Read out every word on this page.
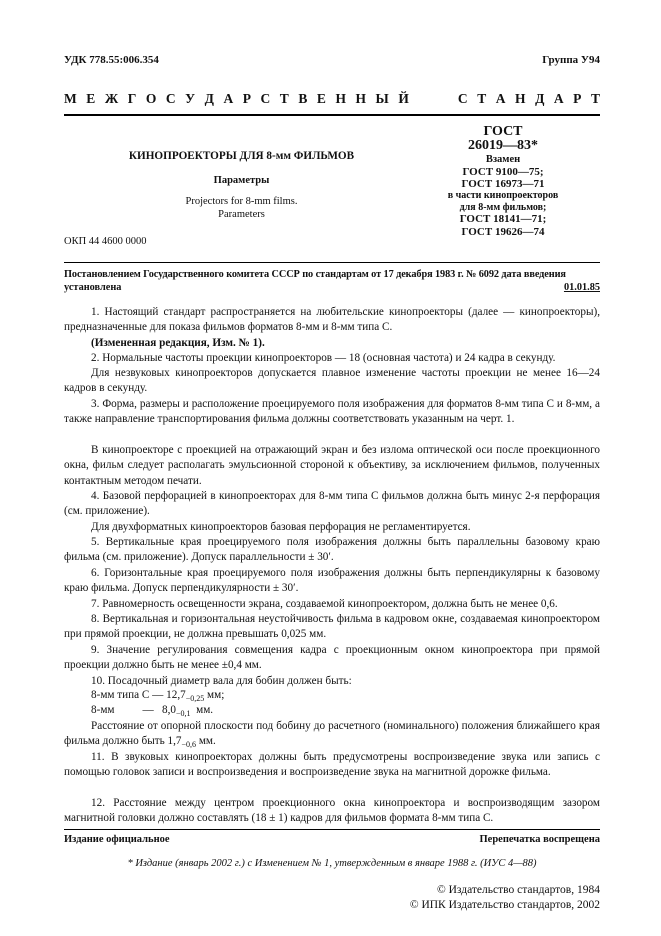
УДК 778.55:006.354	Группа У94
М Е Ж Г О С У Д А Р С Т В Е Н Н Ы Й	С Т А Н Д А Р Т
КИНОПРОЕКТОРЫ ДЛЯ 8-мм ФИЛЬМОВ
Параметры
Projectors for 8-mm films.
Parameters
ОКП 44 4600 0000
ГОСТ
26019—83*
Взамен
ГОСТ 9100—75;
ГОСТ 16973—71
в части кинопроекторов
для 8-мм фильмов;
ГОСТ 18141—71;
ГОСТ 19626—74
Постановлением Государственного комитета СССР по стандартам от 17 декабря 1983 г. № 6092 дата введения
установлена	01.01.85
1. Настоящий стандарт распространяется на любительские кинопроекторы (далее — кинопроекторы), предназначенные для показа фильмов форматов 8-мм и 8-мм типа С.
(Измененная редакция, Изм. № 1).
2. Нормальные частоты проекции кинопроекторов — 18 (основная частота) и 24 кадра в секунду.
Для незвуковых кинопроекторов допускается плавное изменение частоты проекции не менее 16—24 кадров в секунду.
3. Форма, размеры и расположение проецируемого поля изображения для форматов 8-мм типа С и 8-мм, а также направление транспортирования фильма должны соответствовать указанным на черт. 1.
В кинопроекторе с проекцией на отражающий экран и без излома оптической оси после проекционного окна, фильм следует располагать эмульсионной стороной к объективу, за исключением фильмов, полученных контактным методом печати.
4. Базовой перфорацией в кинопроекторах для 8-мм типа С фильмов должна быть минус 2-я перфорация (см. приложение).
Для двухформатных кинопроекторов базовая перфорация не регламентируется.
5. Вертикальные края проецируемого поля изображения должны быть параллельны базовому краю фильма (см. приложение). Допуск параллельности ± 30′.
6. Горизонтальные края проецируемого поля изображения должны быть перпендикулярны к базовому краю фильма. Допуск перпендикулярности ± 30′.
7. Равномерность освещенности экрана, создаваемой кинопроектором, должна быть не менее 0,6.
8. Вертикальная и горизонтальная неустойчивость фильма в кадровом окне, создаваемая кинопроектором при прямой проекции, не должна превышать 0,025 мм.
9. Значение регулирования совмещения кадра с проекционным окном кинопроектора при прямой проекции должно быть не менее ±0,4 мм.
10. Посадочный диаметр вала для бобин должен быть:
8-мм типа С — $12,7_{-0,25}$ мм;
8-мм          —   $8,0_{-0,1}$  мм.
Расстояние от опорной плоскости под бобину до расчетного (номинального) положения ближайшего края фильма должно быть $1,7_{-0,6}$ мм.
11. В звуковых кинопроекторах должны быть предусмотрены воспроизведение звука или запись с помощью головок записи и воспроизведения и воспроизведение звука на магнитной дорожке фильма.
12. Расстояние между центром проекционного окна кинопроектора и воспроизводящим зазором магнитной головки должно составлять (18 ± 1) кадров для фильмов формата 8-мм типа С.
Издание официальное	Перепечатка воспрещена
* Издание (январь 2002 г.) с Изменением № 1, утвержденным в январе 1988 г. (ИУС 4—88)
© Издательство стандартов, 1984
© ИПК Издательство стандартов, 2002
